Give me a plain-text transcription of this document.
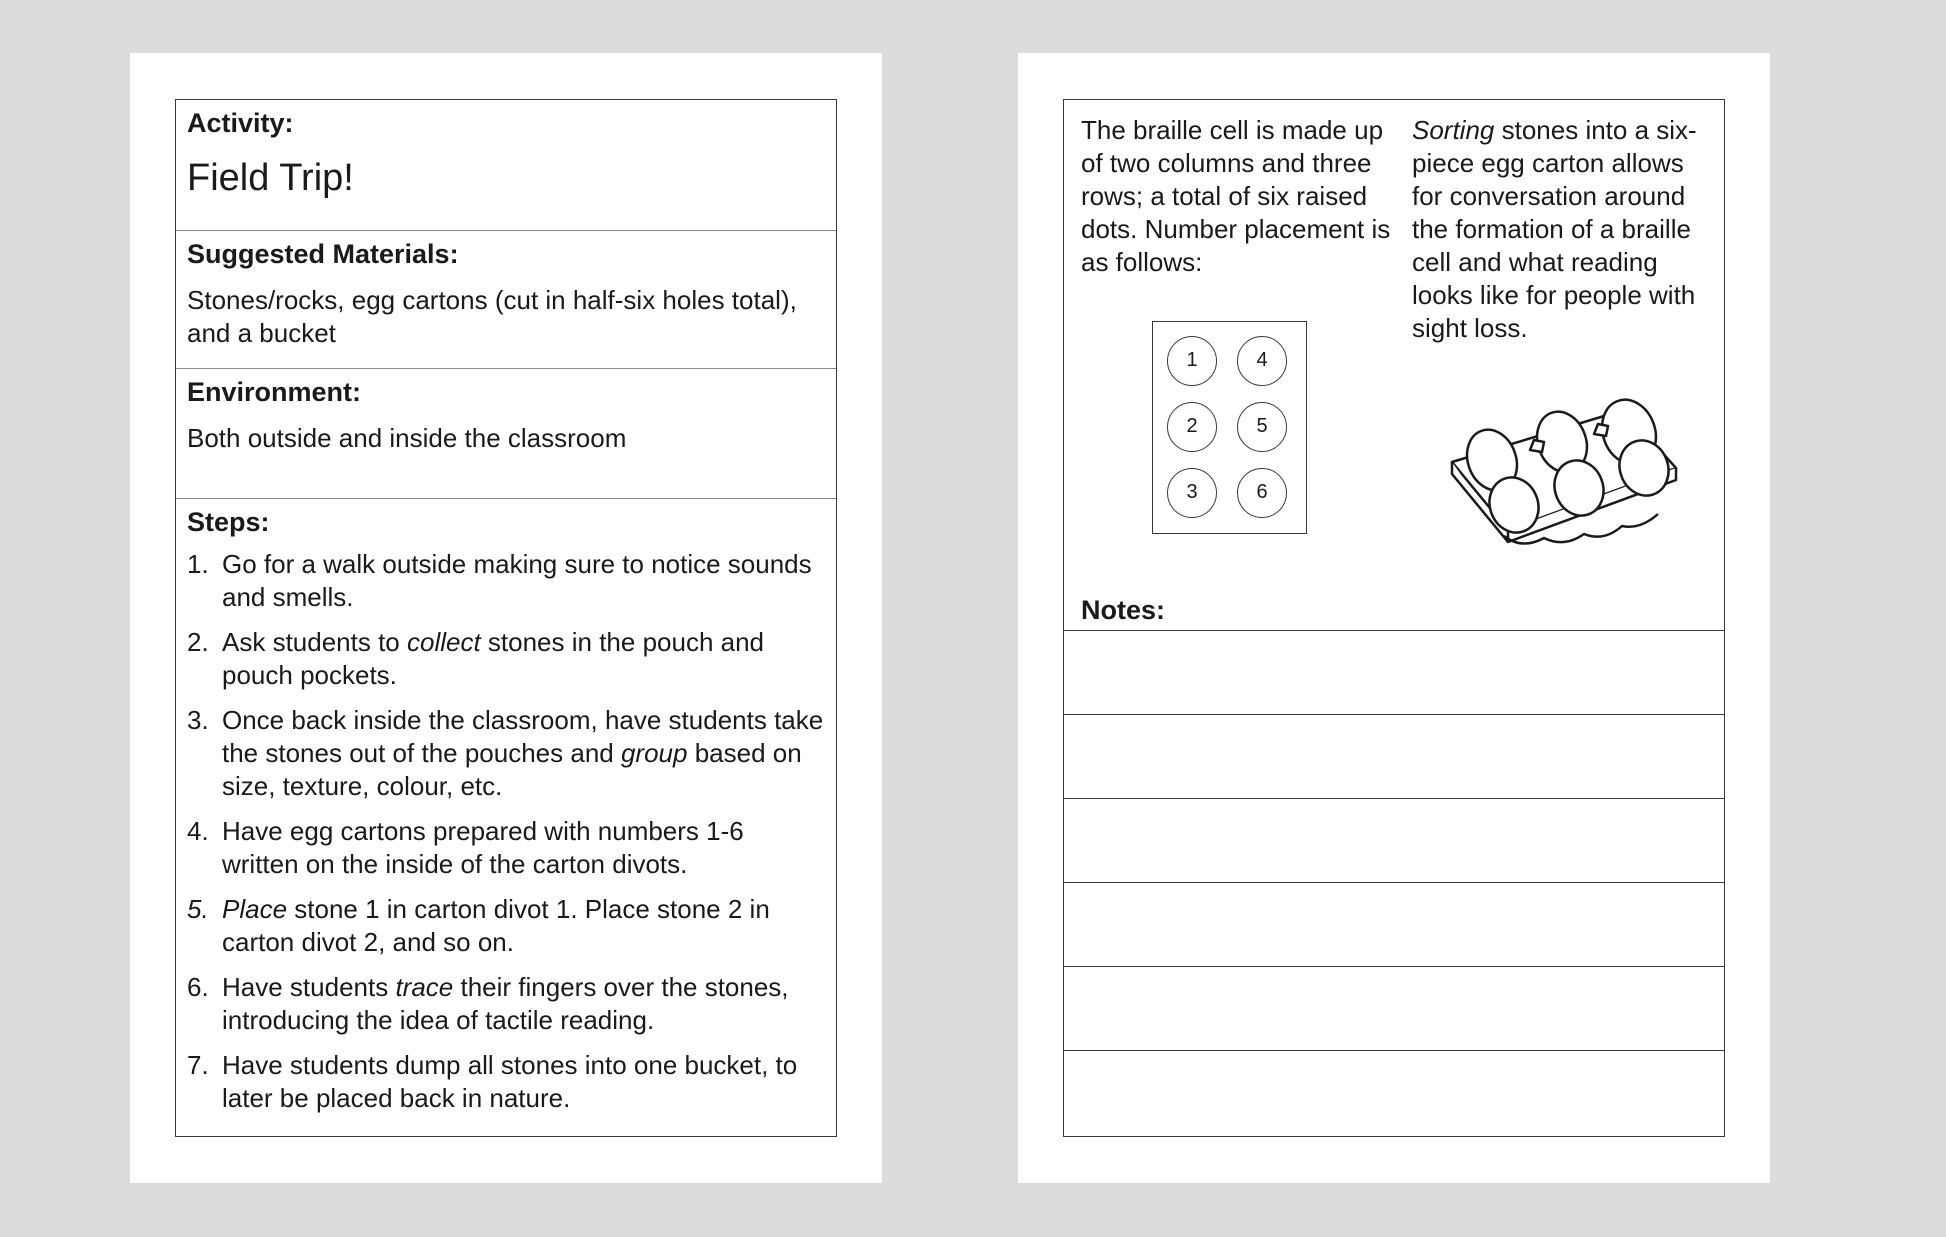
Activity:
Field Trip!
Suggested Materials:
Stones/rocks, egg cartons (cut in half-six holes total), and a bucket
Environment:
Both outside and inside the classroom
Steps:
1. Go for a walk outside making sure to notice sounds and smells.
2. Ask students to collect stones in the pouch and pouch pockets.
3. Once back inside the classroom, have students take the stones out of the pouches and group based on size, texture, colour, etc.
4. Have egg cartons prepared with numbers 1-6 written on the inside of the carton divots.
5. Place stone 1 in carton divot 1. Place stone 2 in carton divot 2, and so on.
6. Have students trace their fingers over the stones, introducing the idea of tactile reading.
7. Have students dump all stones into one bucket, to later be placed back in nature.
The braille cell is made up of two columns and three rows; a total of six raised dots. Number placement is as follows:
Sorting stones into a six-piece egg carton allows for conversation around the formation of a braille cell and what reading looks like for people with sight loss.
1	4
2	5
3	6
Notes:
